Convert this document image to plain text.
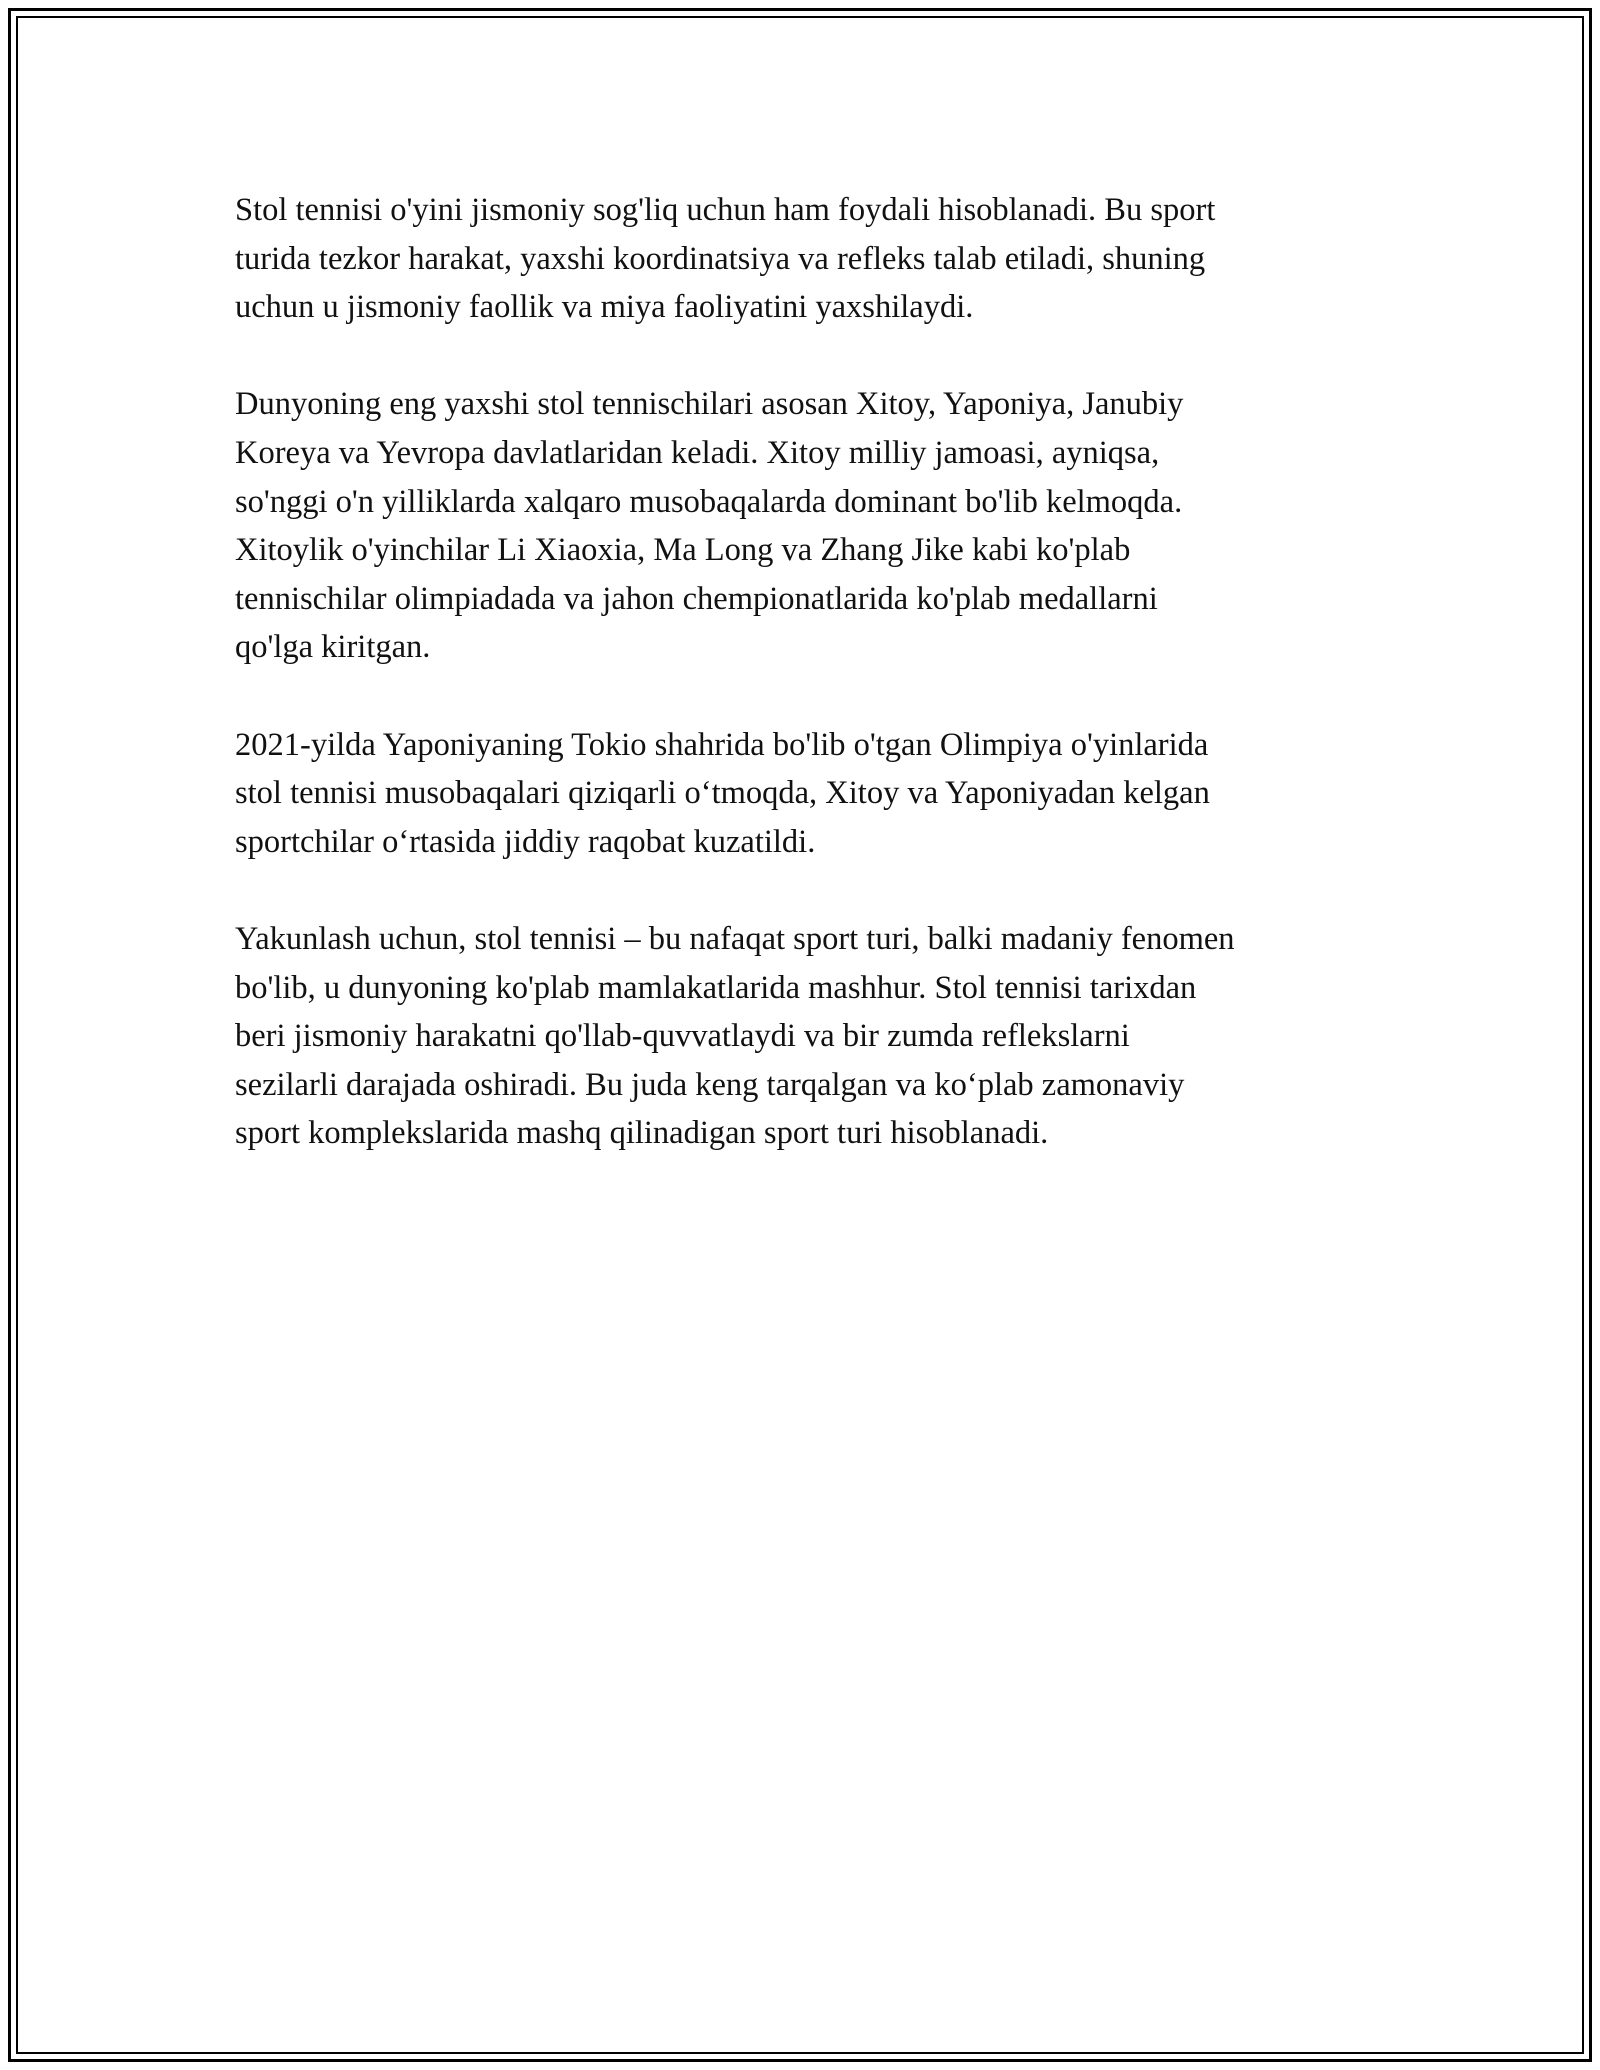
Stol tennisi o'yini jismoniy sog'liq uchun ham foydali hisoblanadi. Bu sport
turida tezkor harakat, yaxshi koordinatsiya va refleks talab etiladi, shuning
uchun u jismoniy faollik va miya faoliyatini yaxshilaydi.

Dunyoning eng yaxshi stol tennischilari asosan Xitoy, Yaponiya, Janubiy
Koreya va Yevropa davlatlaridan keladi. Xitoy milliy jamoasi, ayniqsa,
so'nggi o'n yilliklarda xalqaro musobaqalarda dominant bo'lib kelmoqda.
Xitoylik o'yinchilar Li Xiaoxia, Ma Long va Zhang Jike kabi ko'plab
tennischilar olimpiadada va jahon chempionatlarida ko'plab medallarni
qo'lga kiritgan.

2021-yilda Yaponiyaning Tokio shahrida bo'lib o'tgan Olimpiya o'yinlarida
stol tennisi musobaqalari qiziqarli o‘tmoqda, Xitoy va Yaponiyadan kelgan
sportchilar o‘rtasida jiddiy raqobat kuzatildi.

Yakunlash uchun, stol tennisi – bu nafaqat sport turi, balki madaniy fenomen
bo'lib, u dunyoning ko'plab mamlakatlarida mashhur. Stol tennisi tarixdan
beri jismoniy harakatni qo'llab-quvvatlaydi va bir zumda reflekslarni
sezilarli darajada oshiradi. Bu juda keng tarqalgan va ko‘plab zamonaviy
sport komplekslarida mashq qilinadigan sport turi hisoblanadi.
